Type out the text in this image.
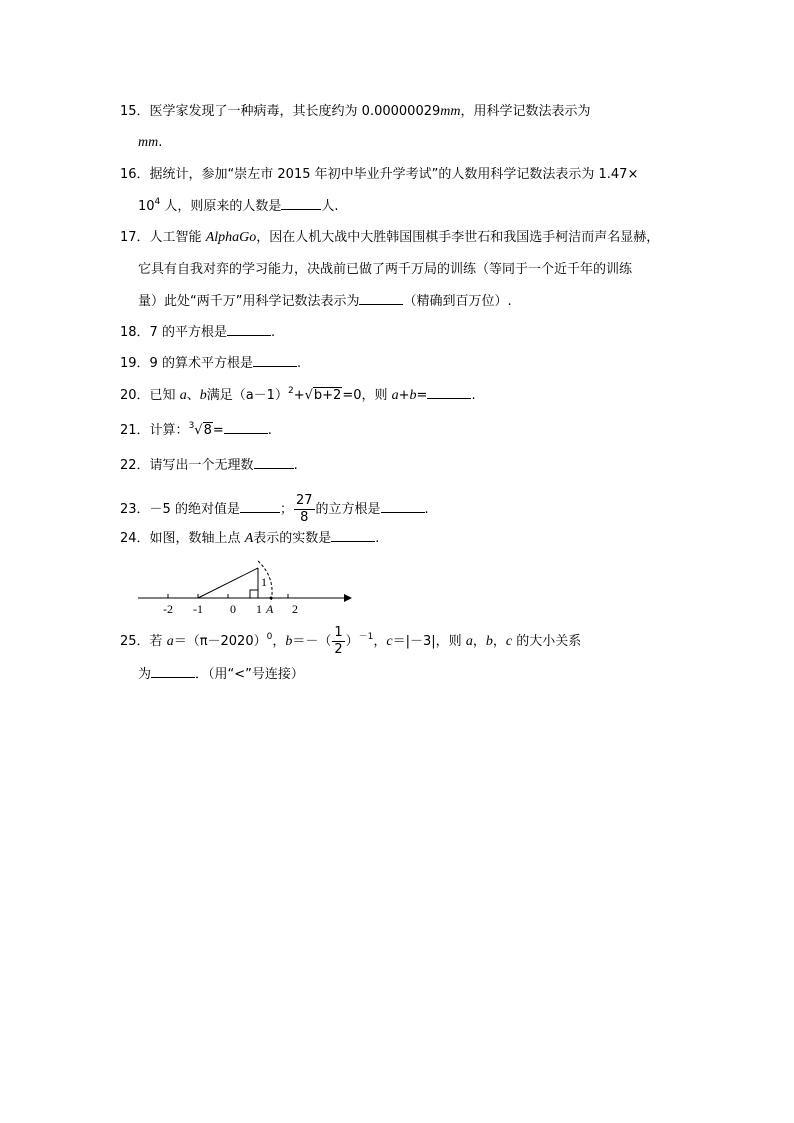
15．医学家发现了一种病毒，其长度约为 0.00000029mm，用科学记数法表示为
mm.
16．据统计，参加“崇左市 2015 年初中毕业升学考试”的人数用科学记数法表示为 1.47×
$10^4$ 人，则原来的人数是	人.
17．人工智能 AlphaGo，因在人机大战中大胜韩国围棋手李世石和我国选手柯洁而声名显赫，
它具有自我对弈的学习能力，决战前已做了两千万局的训练（等同于一个近千年的训练
量）此处“两千万”用科学记数法表示为	（精确到百万位）.
18．7 的平方根是	.
19．9 的算术平方根是	.
20．已知 a、b满足$(a-1)^2+√b+2=0$，则 a+b=	.
21．计算：$^3$√8=	.
22．请写出一个无理数	.
23．－5 的绝对值是	； $\frac{27}{8}$ 的立方根是	.
24．如图，数轴上点 A表示的实数是	.
1
-2 -1 0 1 A 2
25．若 $a=(\pi-2020)^0$，$b=-( \frac{1}{2} )^{-1}$，c＝|－3|，则 a，b，c 的大小关系
为	．（用“<”号连接）
